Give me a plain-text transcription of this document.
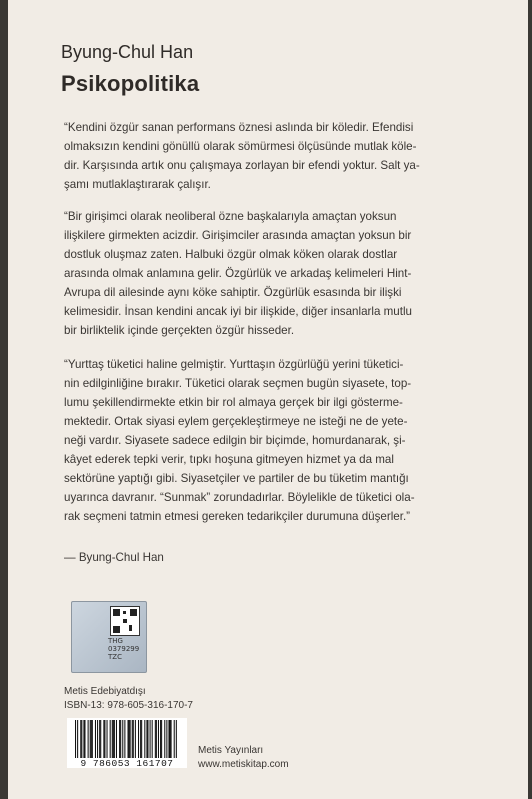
Byung-Chul Han
Psikopolitika

“Kendini özgür sanan performans öznesi aslında bir köledir. Efendisi

olmaksızın kendini gönüllü olarak sömürmesi ölçüsünde mutlak köle-

dir. Karşısında artık onu çalışmaya zorlayan bir efendi yoktur. Salt ya-

şamı mutlaklaştırarak çalışır.

“Bir girişimci olarak neoliberal özne başkalarıyla amaçtan yoksun

ilişkilere girmekten acizdir. Girişimciler arasında amaçtan yoksun bir

dostluk oluşmaz zaten. Halbuki özgür olmak köken olarak dostlar

arasında olmak anlamına gelir. Özgürlük ve arkadaş kelimeleri Hint-

Avrupa dil ailesinde aynı köke sahiptir. Özgürlük esasında bir ilişki

kelimesidir. İnsan kendini ancak iyi bir ilişkide, diğer insanlarla mutlu

bir birliktelik içinde gerçekten özgür hisseder.

“Yurttaş tüketici haline gelmiştir. Yurttaşın özgürlüğü yerini tüketici-

nin edilginliğine bırakır. Tüketici olarak seçmen bugün siyasete, top-

lumu şekillendirmekte etkin bir rol almaya gerçek bir ilgi gösterme-

mektedir. Ortak siyasi eylem gerçekleştirmeye ne isteği ne de yete-

neği vardır. Siyasete sadece edilgin bir biçimde, homurdanarak, şi-

kâyet ederek tepki verir, tıpkı hoşuna gitmeyen hizmet ya da mal

sektörüne yaptığı gibi. Siyasetçiler ve partiler de bu tüketim mantığı

uyarınca davranır. “Sunmak” zorundadırlar. Böylelikle de tüketici ola-

rak seçmeni tatmin etmesi gereken tedarikçiler durumuna düşerler.”

— Byung-Chul Han
THG
0379299
TZC
Metis Edebiyatdışı
ISBN-13: 978-605-316-170-7
9 786053 161707
Metis Yayınları
www.metiskitap.com
